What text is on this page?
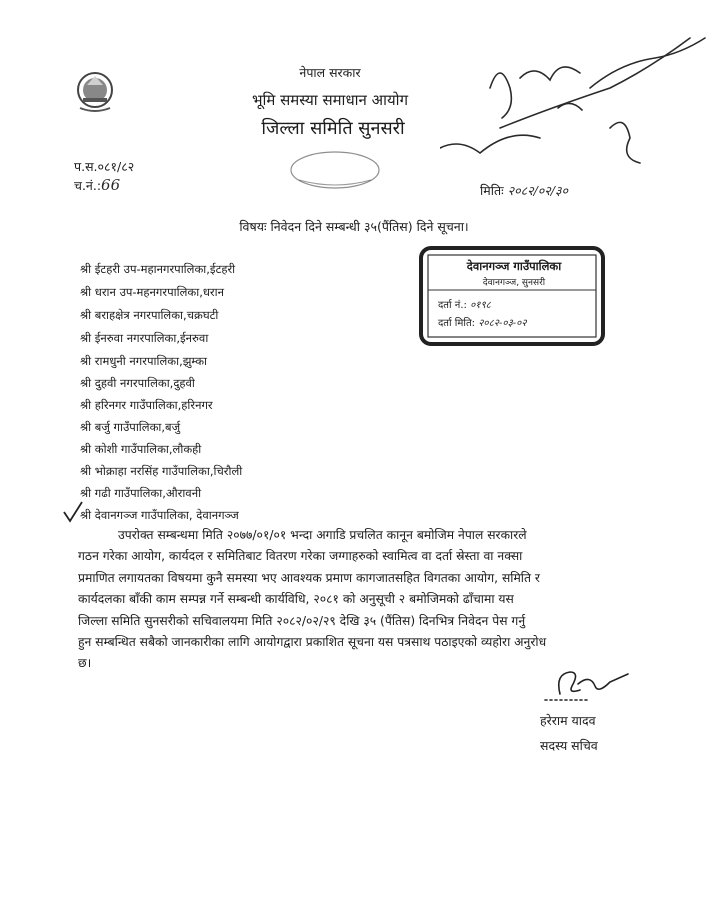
नेपाल सरकार
भूमि समस्या समाधान आयोग
जिल्ला समिति सुनसरी
प.स.०८१/८२
च.नं.:66	मितिः २०८२/०२/३०
विषयः निवेदन दिने सम्बन्धी ३५(पैंतिस) दिने सूचना।
श्री ईटहरी उप-महानगरपालिका,ईटहरी
श्री धरान उप-महनगरपालिका,धरान
श्री बराहक्षेत्र नगरपालिका,चक्रघटी
श्री ईनरुवा नगरपालिका,ईनरुवा
श्री रामधुनी नगरपालिका,झुम्का
श्री दुहवी नगरपालिका,दुहवी
श्री हरिनगर गाउँपालिका,हरिनगर
श्री बर्जु गाउँपालिका,बर्जु
श्री कोशी गाउँपालिका,लौकही
श्री भोक्राहा नरसिंह गाउँपालिका,चिरौली
श्री गढी गाउँपालिका,औरावनी
श्री देवानगञ्ज गाउँपालिका, देवानगञ्ज
देवानगञ्ज गाउँपालिका
देवानगञ्ज, सुनसरी
दर्ता नं.: ०१९८
दर्ता मिति: २०८२-०३-०२
उपरोक्त सम्बन्धमा मिति २०७७/०१/०१ भन्दा अगाडि प्रचलित कानून बमोजिम नेपाल सरकारले
गठन गरेका आयोग, कार्यदल र समितिबाट वितरण गरेका जग्गाहरुको स्वामित्व वा दर्ता स्रेस्ता वा नक्सा
प्रमाणित लगायतका विषयमा कुनै समस्या भए आवश्यक प्रमाण कागजातसहित विगतका आयोग, समिति र
कार्यदलका बाँकी काम सम्पन्न गर्ने सम्बन्धी कार्यविधि, २०८१ को अनुसूची २ बमोजिमको ढाँचामा यस
जिल्ला समिति सुनसरीको सचिवालयमा मिति २०८२/०२/२९ देखि ३५ (पैंतिस) दिनभित्र निवेदन पेस गर्नु
हुन सम्बन्धित सबैको जानकारीका लागि आयोगद्वारा प्रकाशित सूचना यस पत्रसाथ पठाइएको व्यहोरा अनुरोध
छ।
हरेराम यादव
सदस्य सचिव
